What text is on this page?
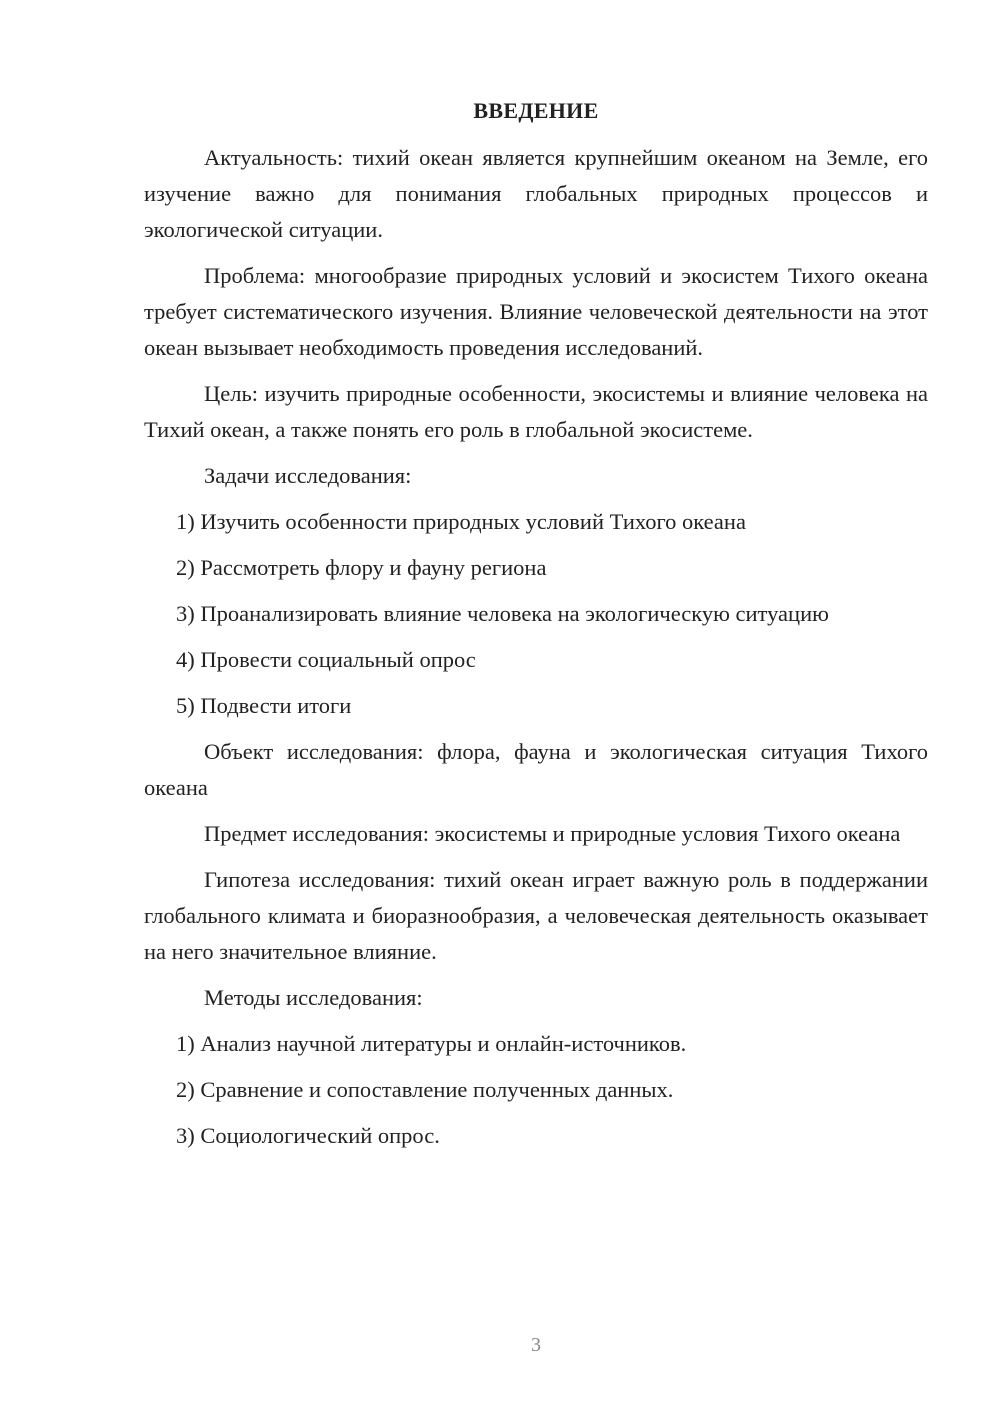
ВВЕДЕНИЕ

Актуальность: тихий океан является крупнейшим океаном на Земле, его изучение важно для понимания глобальных природных процессов и экологической ситуации.

Проблема: многообразие природных условий и экосистем Тихого океана требует систематического изучения. Влияние человеческой деятельности на этот океан вызывает необходимость проведения исследований.

Цель: изучить природные особенности, экосистемы и влияние человека на Тихий океан, а также понять его роль в глобальной экосистеме.

Задачи исследования:

1) Изучить особенности природных условий Тихого океана

2) Рассмотреть флору и фауну региона

3) Проанализировать влияние человека на экологическую ситуацию

4) Провести социальный опрос

5) Подвести итоги

Объект исследования: флора, фауна и экологическая ситуация Тихого океана

Предмет исследования: экосистемы и природные условия Тихого океана

Гипотеза исследования: тихий океан играет важную роль в поддержании глобального климата и биоразнообразия, а человеческая деятельность оказывает на него значительное влияние.

Методы исследования:

1) Анализ научной литературы и онлайн-источников.

2) Сравнение и сопоставление полученных данных.

3) Социологический опрос.

3
